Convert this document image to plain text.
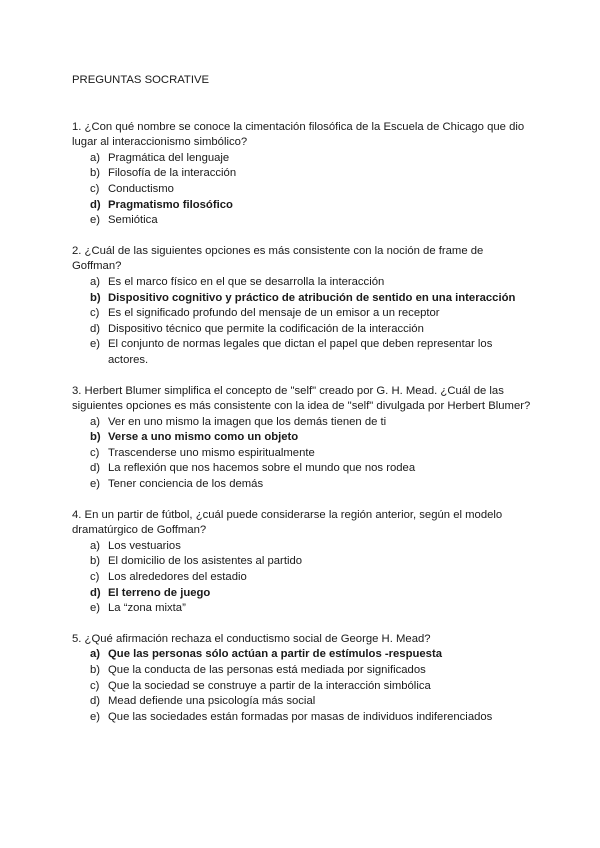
PREGUNTAS SOCRATIVE

1. ¿Con qué nombre se conoce la cimentación filosófica de la Escuela de Chicago que dio lugar al interaccionismo simbólico?

a) Pragmática del lenguaje
b) Filosofía de la interacción
c) Conductismo
d) Pragmatismo filosófico
e) Semiótica

2. ¿Cuál de las siguientes opciones es más consistente con la noción de frame de Goffman?

a) Es el marco físico en el que se desarrolla la interacción
b) Dispositivo cognitivo y práctico de atribución de sentido en una interacción
c) Es el significado profundo del mensaje de un emisor a un receptor
d) Dispositivo técnico que permite la codificación de la interacción
e) El conjunto de normas legales que dictan el papel que deben representar los actores.

3. Herbert Blumer simplifica el concepto de "self" creado por G. H. Mead. ¿Cuál de las siguientes opciones es más consistente con la idea de "self" divulgada por Herbert Blumer?

a) Ver en uno mismo la imagen que los demás tienen de ti
b) Verse a uno mismo como un objeto
c) Trascenderse uno mismo espiritualmente
d) La reflexión que nos hacemos sobre el mundo que nos rodea
e) Tener conciencia de los demás

4. En un partir de fútbol, ¿cuál puede considerarse la región anterior, según el modelo dramatúrgico de Goffman?

a) Los vestuarios
b) El domicilio de los asistentes al partido
c) Los alrededores del estadio
d) El terreno de juego
e) La “zona mixta”

5. ¿Qué afirmación rechaza el conductismo social de George H. Mead?

a) Que las personas sólo actúan a partir de estímulos -respuesta
b) Que la conducta de las personas está mediada por significados
c) Que la sociedad se construye a partir de la interacción simbólica
d) Mead defiende una psicología más social
e) Que las sociedades están formadas por masas de individuos indiferenciados
